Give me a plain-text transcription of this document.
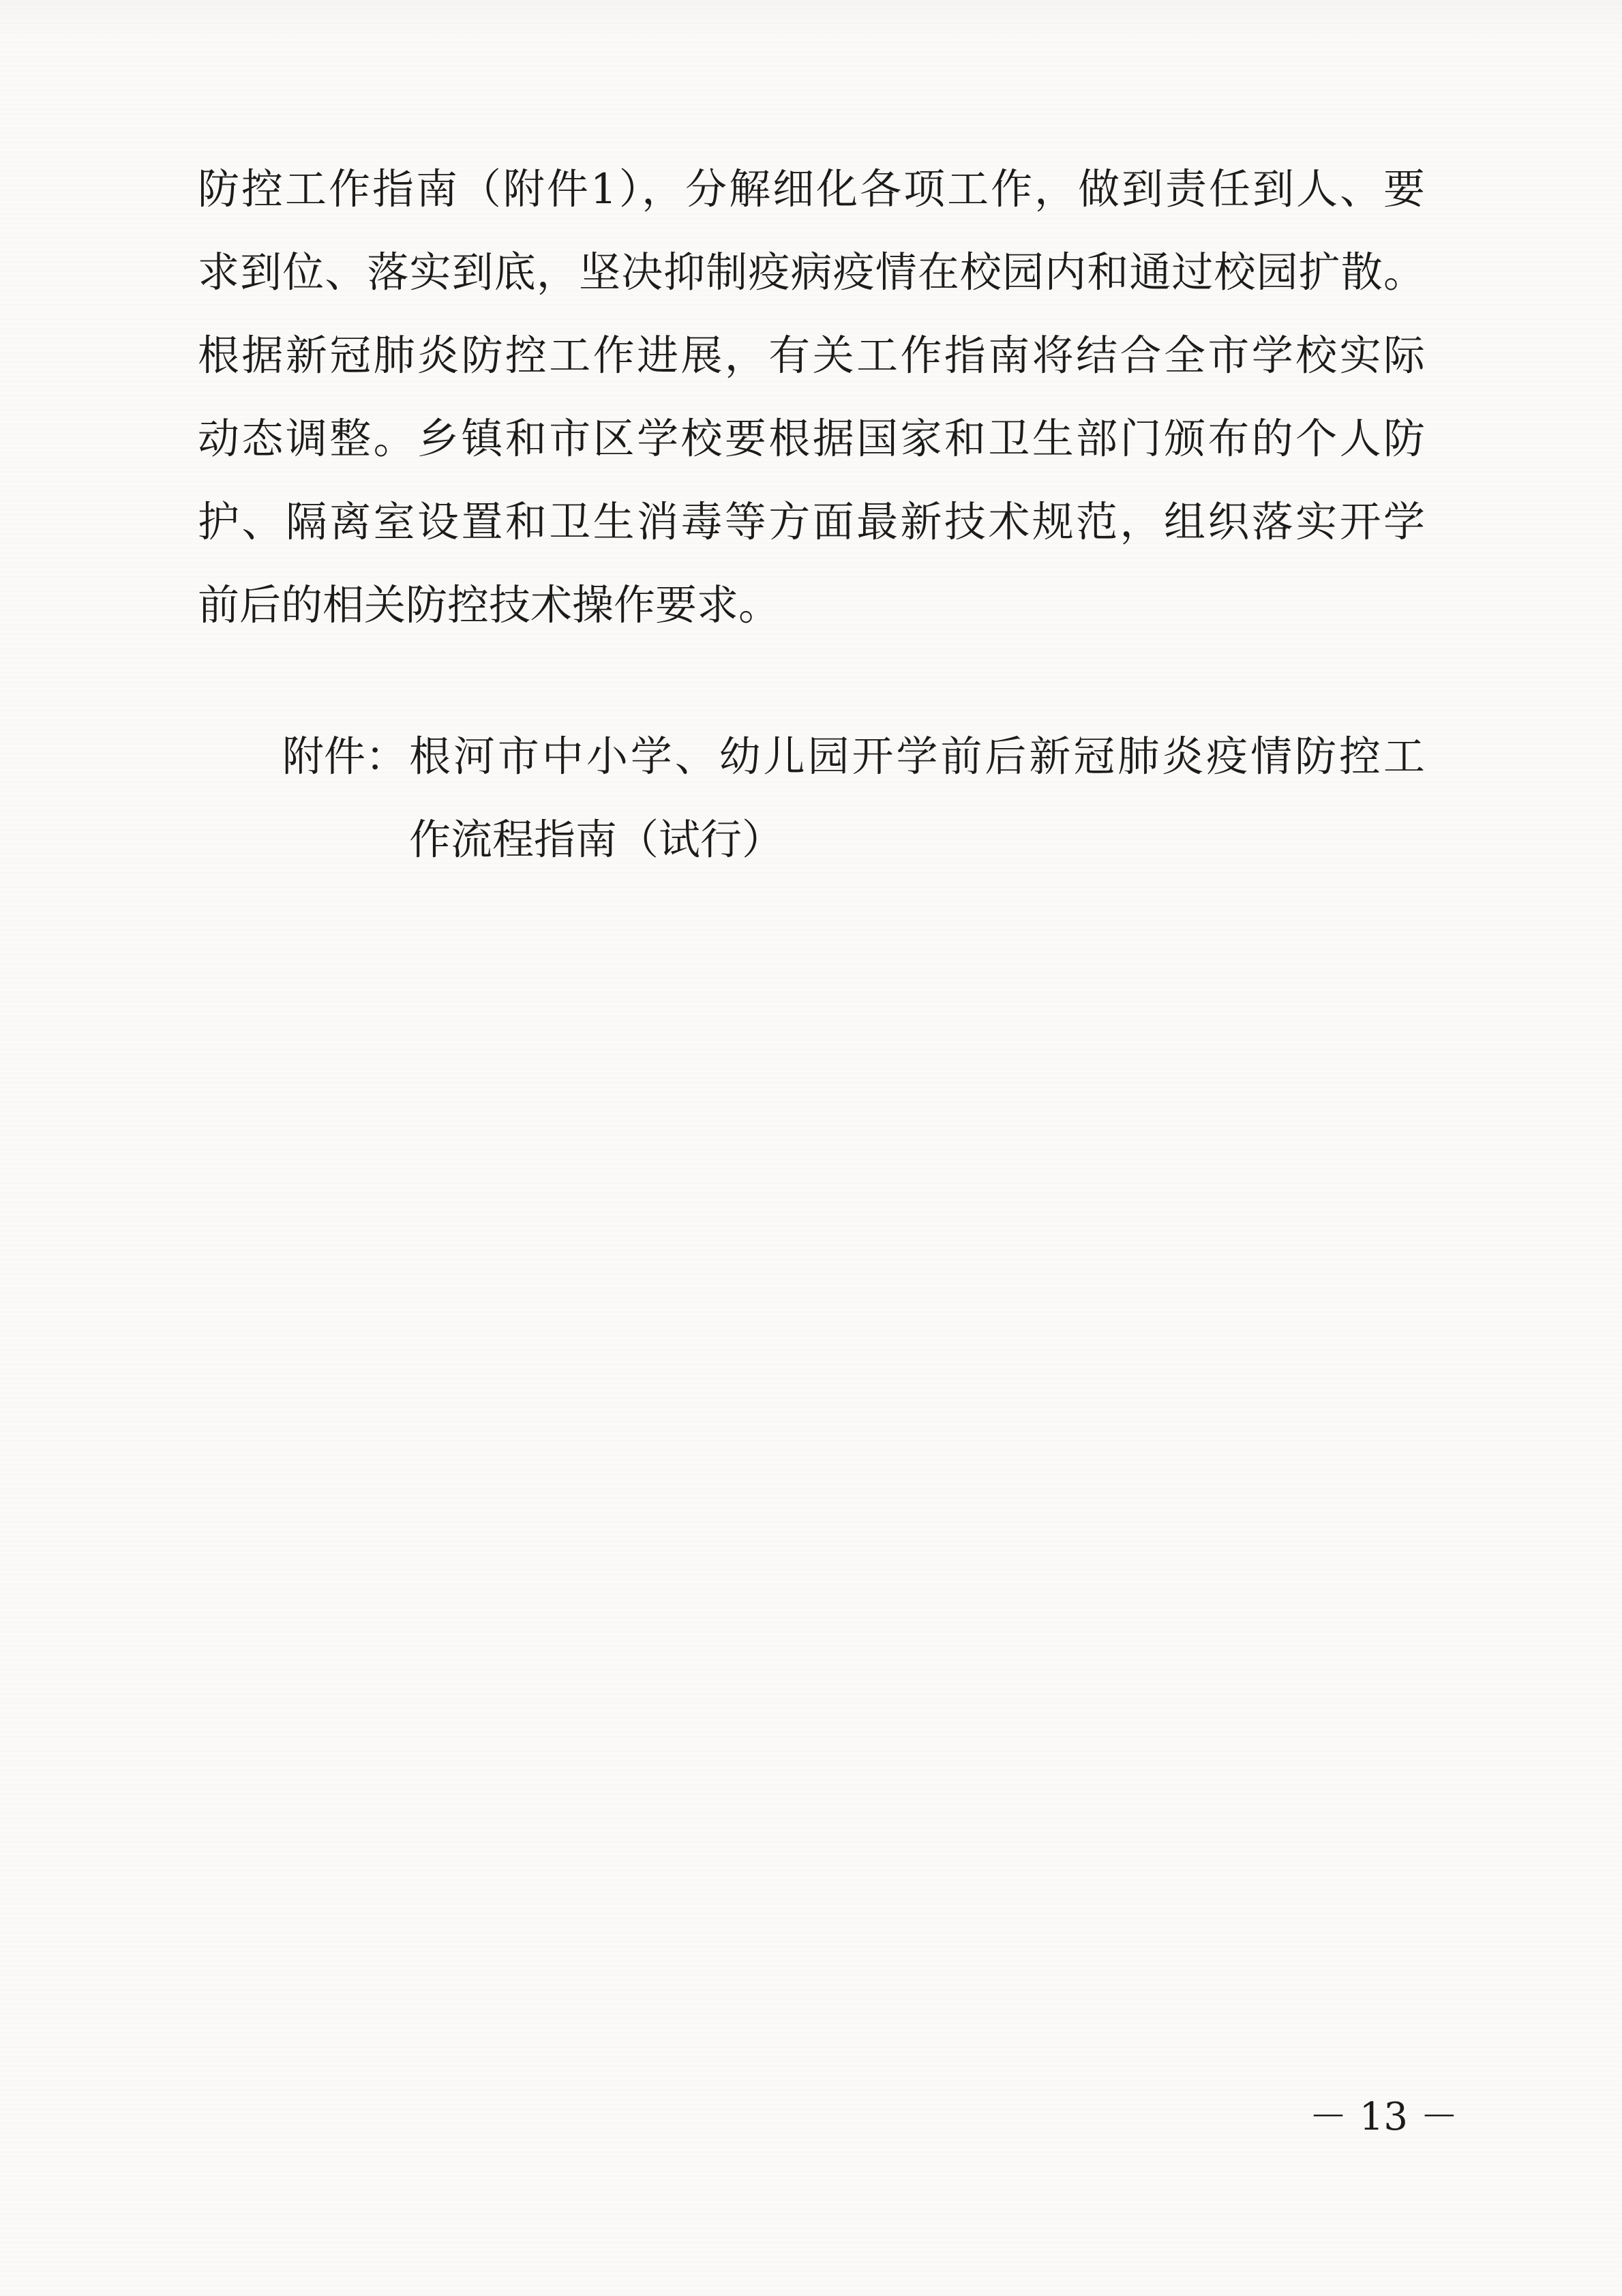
防控工作指南（附件1），分解细化各项工作，做到责任到人、要
求到位、落实到底，坚决抑制疫病疫情在校园内和通过校园扩散。
根据新冠肺炎防控工作进展，有关工作指南将结合全市学校实际
动态调整。乡镇和市区学校要根据国家和卫生部门颁布的个人防
护、隔离室设置和卫生消毒等方面最新技术规范，组织落实开学
前后的相关防控技术操作要求。
附件： 根河市中小学、幼儿园开学前后新冠肺炎疫情防控工
作流程指南（试行）
－ 13 －
